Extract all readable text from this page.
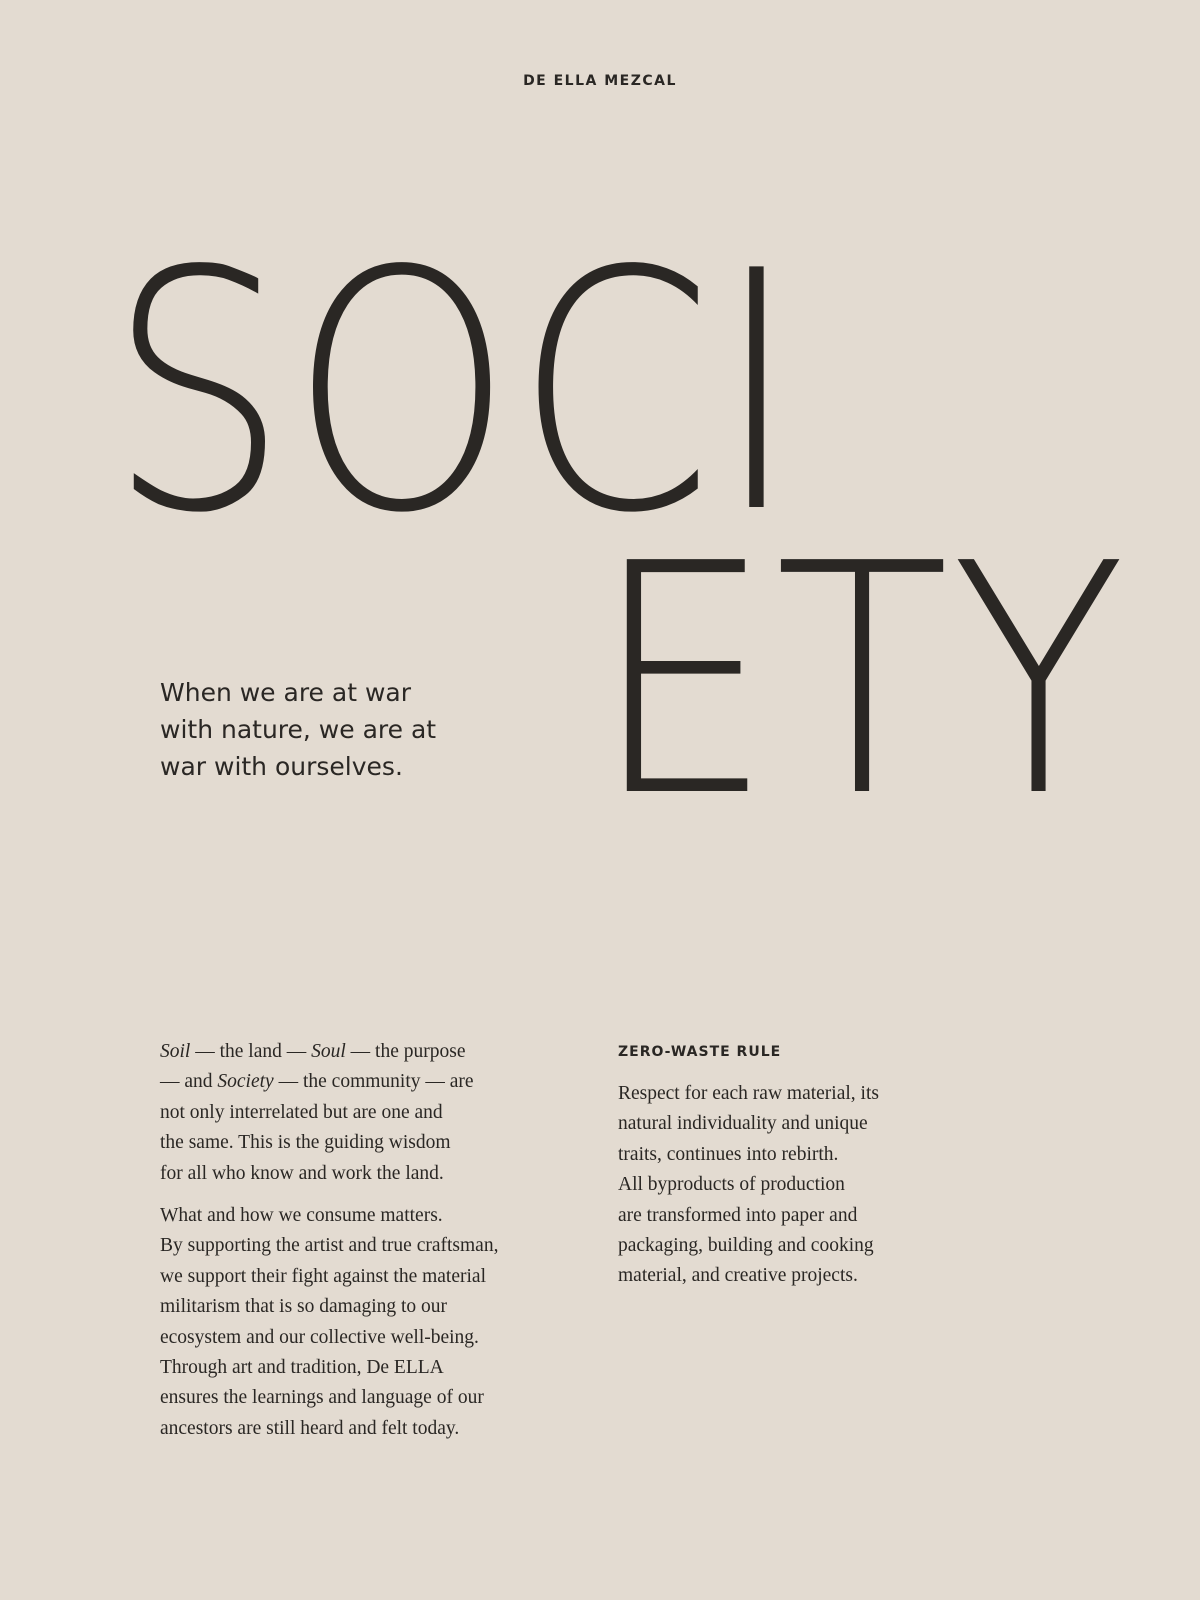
DE ELLA MEZCAL
SOCI
ETY
When we are at war
with nature, we are at
war with ourselves.

Soil — the land — Soul — the purpose
— and Society — the community — are
not only interrelated but are one and
the same. This is the guiding wisdom
for all who know and work the land.

What and how we consume matters.
By supporting the artist and true craftsman,
we support their fight against the material
militarism that is so damaging to our
ecosystem and our collective well-being.
Through art and tradition, De ELLA
ensures the learnings and language of our
ancestors are still heard and felt today.

ZERO-WASTE RULE

Respect for each raw material, its
natural individuality and unique
traits, continues into rebirth.
All byproducts of production
are transformed into paper and
packaging, building and cooking
material, and creative projects.
